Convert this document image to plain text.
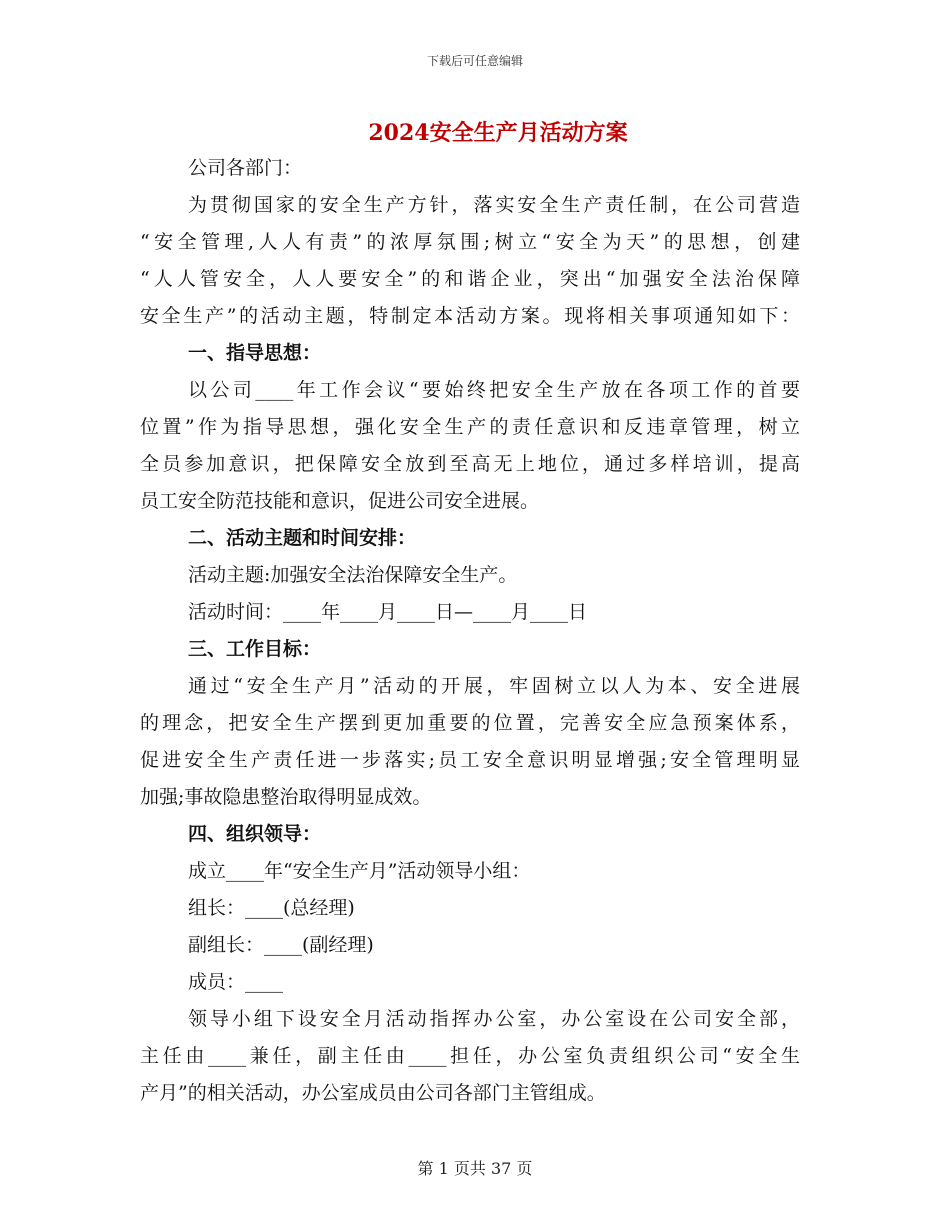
下载后可任意编辑
2024安全生产月活动方案
公司各部门：
为贯彻国家的安全生产方针，落实安全生产责任制，在公司营造
“安全管理,人人有责”的浓厚氛围;树立“安全为天”的思想，创建
“人人管安全，人人要安全”的和谐企业，突出“加强安全法治保障
安全生产”的活动主题，特制定本活动方案。现将相关事项通知如下：
一、指导思想：
以公司____年工作会议“要始终把安全生产放在各项工作的首要
位置”作为指导思想，强化安全生产的责任意识和反违章管理，树立
全员参加意识，把保障安全放到至高无上地位，通过多样培训，提高
员工安全防范技能和意识，促进公司安全进展。
二、活动主题和时间安排：
活动主题:加强安全法治保障安全生产。
活动时间：____年____月____日—____月____日
三、工作目标：
通过“安全生产月”活动的开展，牢固树立以人为本、安全进展
的理念，把安全生产摆到更加重要的位置，完善安全应急预案体系，
促进安全生产责任进一步落实;员工安全意识明显增强;安全管理明显
加强;事故隐患整治取得明显成效。
四、组织领导：
成立____年“安全生产月”活动领导小组：
组长：____(总经理)
副组长：____(副经理)
成员：____
领导小组下设安全月活动指挥办公室，办公室设在公司安全部，
主任由____兼任，副主任由____担任，办公室负责组织公司“安全生
产月”的相关活动，办公室成员由公司各部门主管组成。
第 1 页共 37 页
